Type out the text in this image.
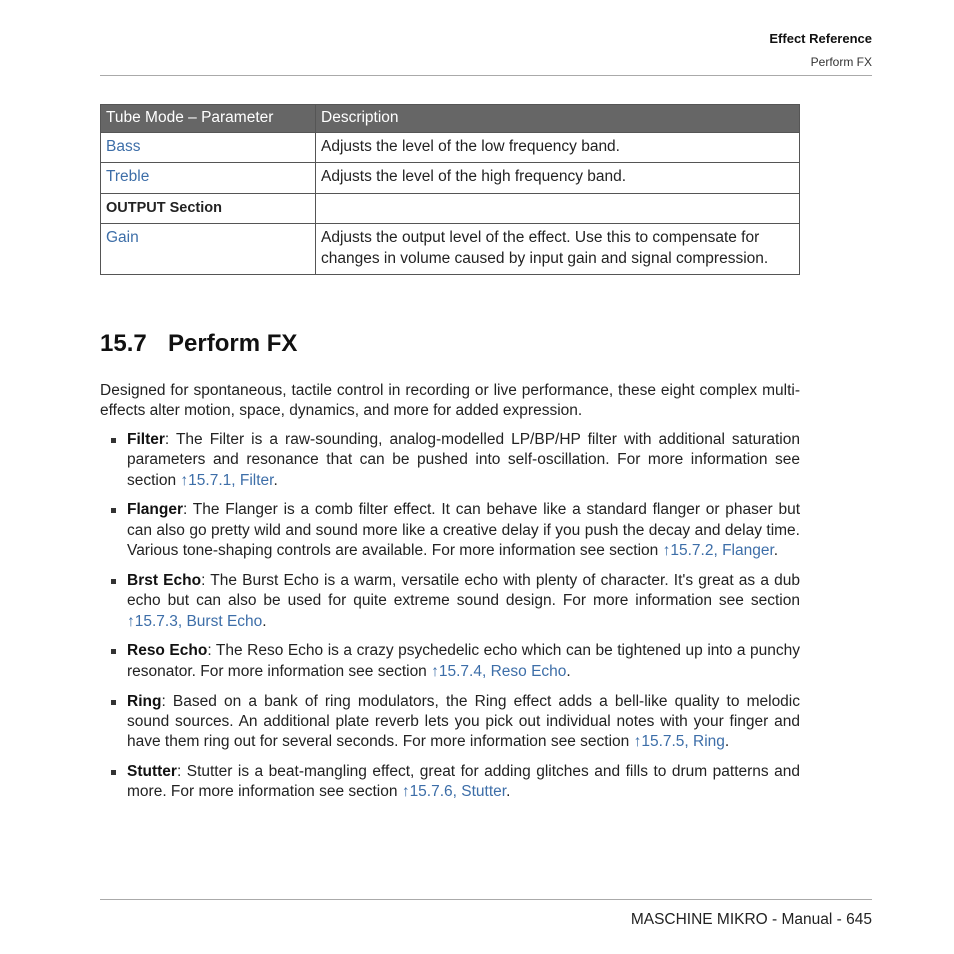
Effect Reference
Perform FX
Tube Mode – Parameter	Description
Bass	Adjusts the level of the low frequency band.
Treble	Adjusts the level of the high frequency band.
OUTPUT Section	
Gain	Adjusts the output level of the effect. Use this to compensate for changes in volume caused by input gain and signal compression.
15.7 Perform FX

Designed for spontaneous, tactile control in recording or live performance, these eight complex multi-effects alter motion, space, dynamics, and more for added expression.

Filter: The Filter is a raw-sounding, analog-modelled LP/BP/HP filter with additional saturation parameters and resonance that can be pushed into self-oscillation. For more information see section ↑15.7.1, Filter.
Flanger: The Flanger is a comb filter effect. It can behave like a standard flanger or phaser but can also go pretty wild and sound more like a creative delay if you push the decay and delay time. Various tone-shaping controls are available. For more information see section ↑15.7.2, Flanger.
Brst Echo: The Burst Echo is a warm, versatile echo with plenty of character. It's great as a dub echo but can also be used for quite extreme sound design. For more information see section ↑15.7.3, Burst Echo.
Reso Echo: The Reso Echo is a crazy psychedelic echo which can be tightened up into a punchy resonator. For more information see section ↑15.7.4, Reso Echo.
Ring: Based on a bank of ring modulators, the Ring effect adds a bell-like quality to melodic sound sources. An additional plate reverb lets you pick out individual notes with your finger and have them ring out for several seconds. For more information see section ↑15.7.5, Ring.
Stutter: Stutter is a beat-mangling effect, great for adding glitches and fills to drum patterns and more. For more information see section ↑15.7.6, Stutter.
MASCHINE MIKRO - Manual - 645
